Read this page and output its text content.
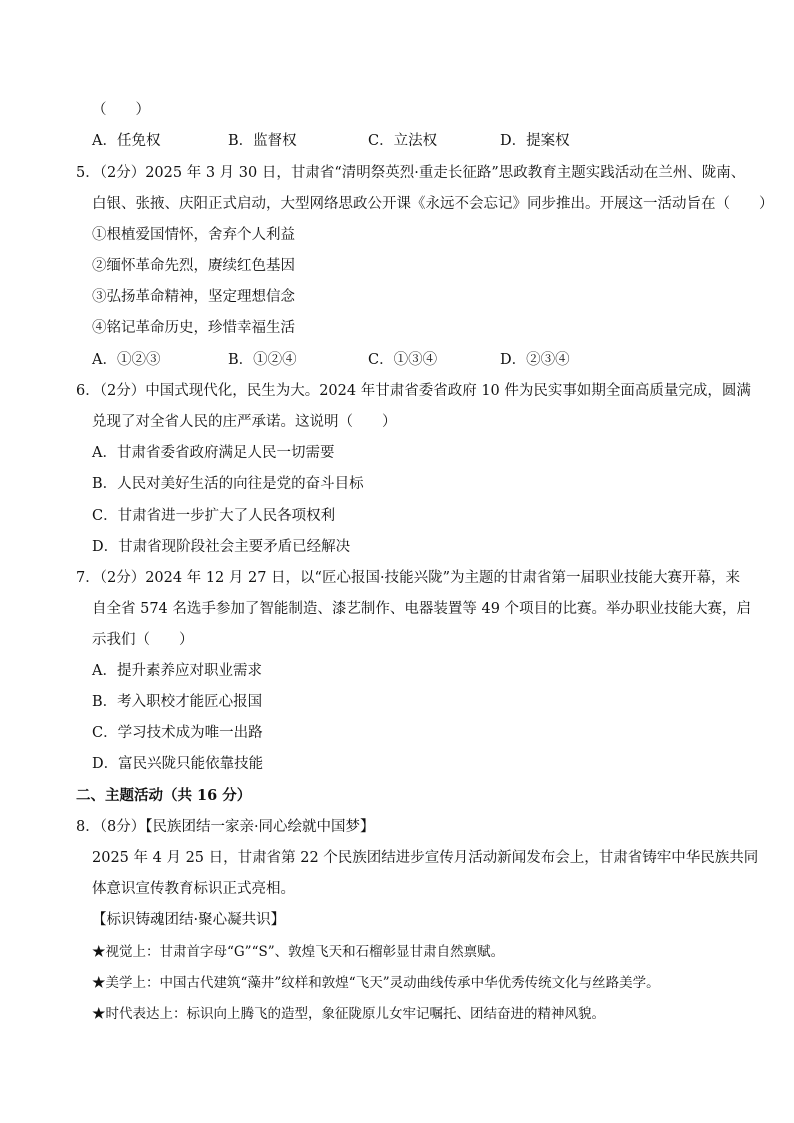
（　　）
A．任免权	B．监督权	C．立法权	D．提案权
5．（2分）2025 年 3 月 30 日，甘肃省“清明祭英烈·重走长征路”思政教育主题实践活动在兰州、陇南、
白银、张掖、庆阳正式启动，大型网络思政公开课《永远不会忘记》同步推出。开展这一活动旨在（　　）
①根植爱国情怀，舍弃个人利益
②缅怀革命先烈，赓续红色基因
③弘扬革命精神，坚定理想信念
④铭记革命历史，珍惜幸福生活
A．①②③	B．①②④	C．①③④	D．②③④
6．（2分）中国式现代化，民生为大。2024 年甘肃省委省政府 10 件为民实事如期全面高质量完成，圆满
兑现了对全省人民的庄严承诺。这说明（　　）
A．甘肃省委省政府满足人民一切需要
B．人民对美好生活的向往是党的奋斗目标
C．甘肃省进一步扩大了人民各项权利
D．甘肃省现阶段社会主要矛盾已经解决
7．（2分）2024 年 12 月 27 日，以“匠心报国·技能兴陇”为主题的甘肃省第一届职业技能大赛开幕，来
自全省 574 名选手参加了智能制造、漆艺制作、电器装置等 49 个项目的比赛。举办职业技能大赛，启
示我们（　　）
A．提升素养应对职业需求
B．考入职校才能匠心报国
C．学习技术成为唯一出路
D．富民兴陇只能依靠技能
二、主题活动（共 16 分）
8．（8分）【民族团结一家亲·同心绘就中国梦】
2025 年 4 月 25 日，甘肃省第 22 个民族团结进步宣传月活动新闻发布会上，甘肃省铸牢中华民族共同
体意识宣传教育标识正式亮相。
【标识铸魂团结·聚心凝共识】
★视觉上：甘肃首字母“G”“S”、敦煌飞天和石榴彰显甘肃自然禀赋。
★美学上：中国古代建筑“藻井”纹样和敦煌“飞天”灵动曲线传承中华优秀传统文化与丝路美学。
★时代表达上：标识向上腾飞的造型，象征陇原儿女牢记嘱托、团结奋进的精神风貌。
